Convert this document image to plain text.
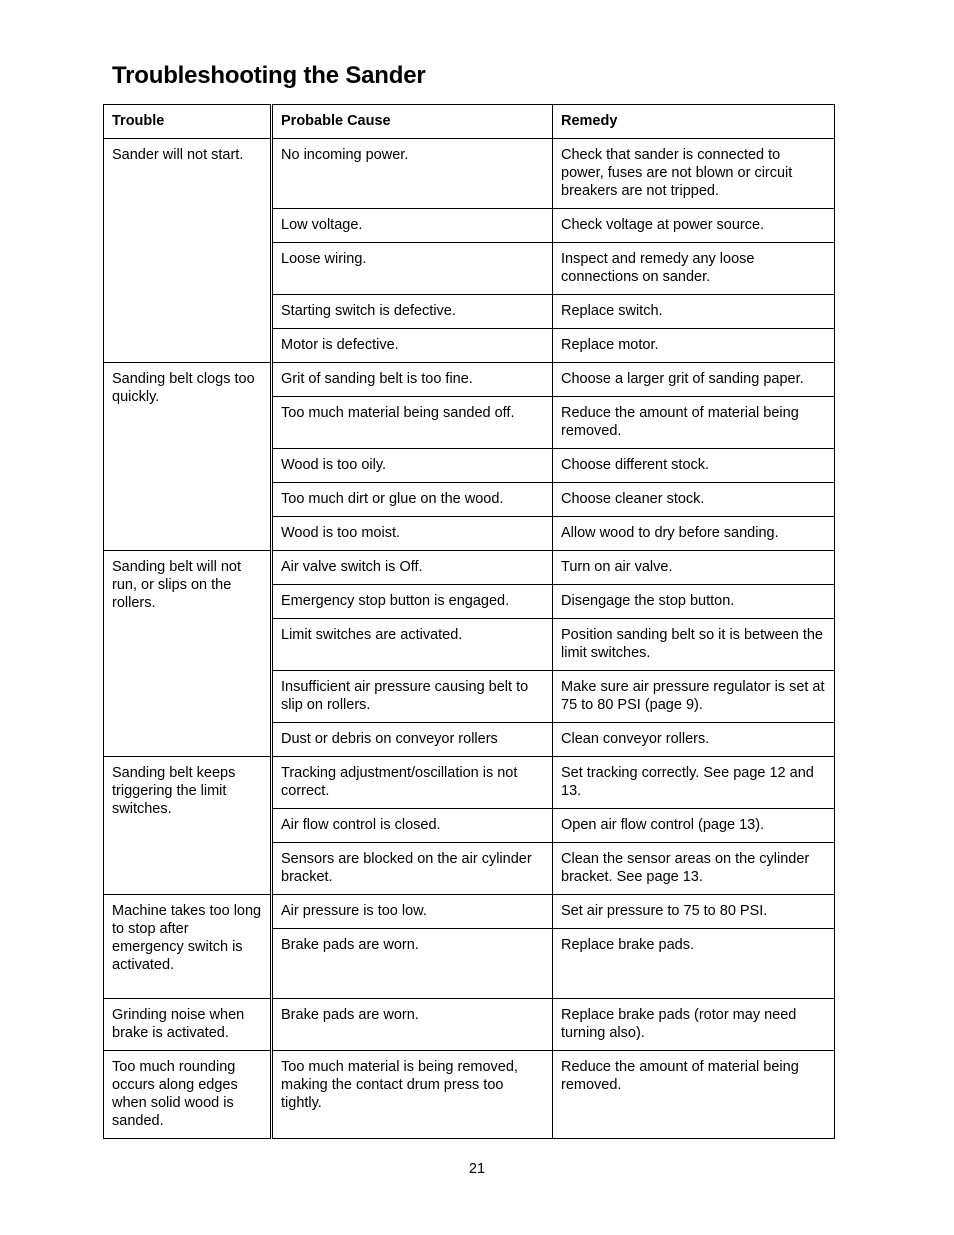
Troubleshooting the Sander
Trouble	Probable Cause	Remedy
Sander will not start.	No incoming power.	Check that sander is connected to power, fuses are not blown or circuit breakers are not tripped.
	Low voltage.	Check voltage at power source.
	Loose wiring.	Inspect and remedy any loose connections on sander.
	Starting switch is defective.	Replace switch.
	Motor is defective.	Replace motor.
Sanding belt clogs too quickly.	Grit of sanding belt is too fine.	Choose a larger grit of sanding paper.
	Too much material being sanded off.	Reduce the amount of material being removed.
	Wood is too oily.	Choose different stock.
	Too much dirt or glue on the wood.	Choose cleaner stock.
	Wood is too moist.	Allow wood to dry before sanding.
Sanding belt will not run, or slips on the rollers.	Air valve switch is Off.	Turn on air valve.
	Emergency stop button is engaged.	Disengage the stop button.
	Limit switches are activated.	Position sanding belt so it is between the limit switches.
	Insufficient air pressure causing belt to slip on rollers.	Make sure air pressure regulator is set at 75 to 80 PSI (page 9).
	Dust or debris on conveyor rollers	Clean conveyor rollers.
Sanding belt keeps triggering the limit switches.	Tracking adjustment/oscillation is not correct.	Set tracking correctly. See page 12 and 13.
	Air flow control is closed.	Open air flow control (page 13).
	Sensors are blocked on the air cylinder bracket.	Clean the sensor areas on the cylinder bracket. See page 13.
Machine takes too long to stop after emergency switch is activated.	Air pressure is too low.	Set air pressure to 75 to 80 PSI.
	Brake pads are worn.	Replace brake pads.
Grinding noise when brake is activated.	Brake pads are worn.	Replace brake pads (rotor may need turning also).
Too much rounding occurs along edges when solid wood is sanded.	Too much material is being removed, making the contact drum press too tightly.	Reduce the amount of material being removed.
21
